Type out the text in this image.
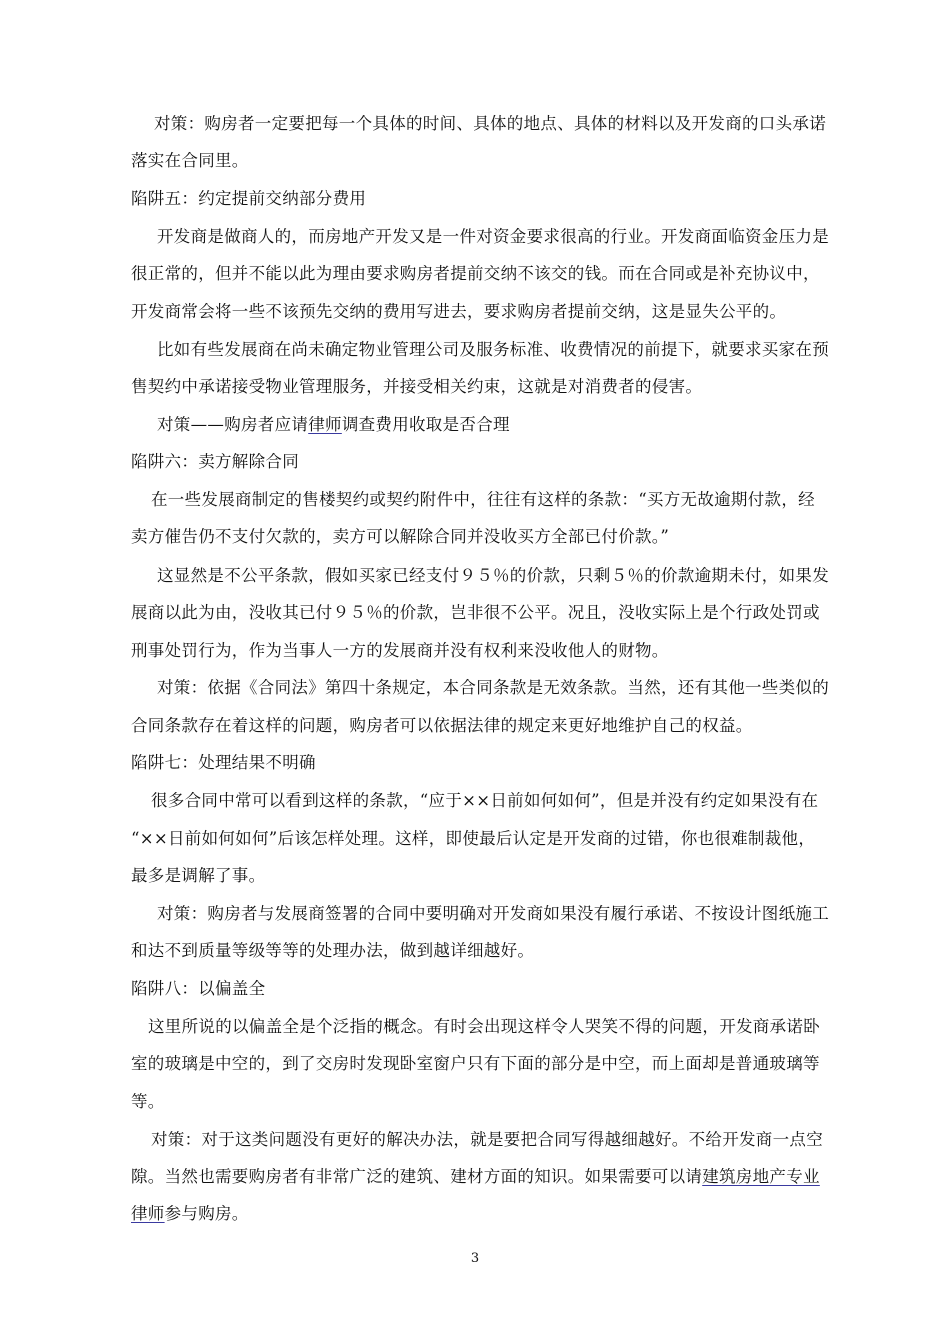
对策：购房者一定要把每一个具体的时间、具体的地点、具体的材料以及开发商的口头承诺
落实在合同里。
陷阱五：约定提前交纳部分费用
开发商是做商人的，而房地产开发又是一件对资金要求很高的行业。开发商面临资金压力是
很正常的，但并不能以此为理由要求购房者提前交纳不该交的钱。而在合同或是补充协议中，
开发商常会将一些不该预先交纳的费用写进去，要求购房者提前交纳，这是显失公平的。
比如有些发展商在尚未确定物业管理公司及服务标准、收费情况的前提下，就要求买家在预
售契约中承诺接受物业管理服务，并接受相关约束，这就是对消费者的侵害。
对策——购房者应请律师调查费用收取是否合理
陷阱六：卖方解除合同
在一些发展商制定的售楼契约或契约附件中，往往有这样的条款：“买方无故逾期付款，经
卖方催告仍不支付欠款的，卖方可以解除合同并没收买方全部已付价款。”
这显然是不公平条款，假如买家已经支付９５％的价款，只剩５％的价款逾期未付，如果发
展商以此为由，没收其已付９５％的价款，岂非很不公平。况且，没收实际上是个行政处罚或
刑事处罚行为，作为当事人一方的发展商并没有权利来没收他人的财物。
对策：依据《合同法》第四十条规定，本合同条款是无效条款。当然，还有其他一些类似的
合同条款存在着这样的问题，购房者可以依据法律的规定来更好地维护自己的权益。
陷阱七：处理结果不明确
很多合同中常可以看到这样的条款，“应于××日前如何如何”，但是并没有约定如果没有在
“××日前如何如何”后该怎样处理。这样，即使最后认定是开发商的过错，你也很难制裁他，
最多是调解了事。
对策：购房者与发展商签署的合同中要明确对开发商如果没有履行承诺、不按设计图纸施工
和达不到质量等级等等的处理办法，做到越详细越好。
陷阱八：以偏盖全
这里所说的以偏盖全是个泛指的概念。有时会出现这样令人哭笑不得的问题，开发商承诺卧
室的玻璃是中空的，到了交房时发现卧室窗户只有下面的部分是中空，而上面却是普通玻璃等
等。
对策：对于这类问题没有更好的解决办法，就是要把合同写得越细越好。不给开发商一点空
隙。当然也需要购房者有非常广泛的建筑、建材方面的知识。如果需要可以请建筑房地产专业
律师参与购房。
3
